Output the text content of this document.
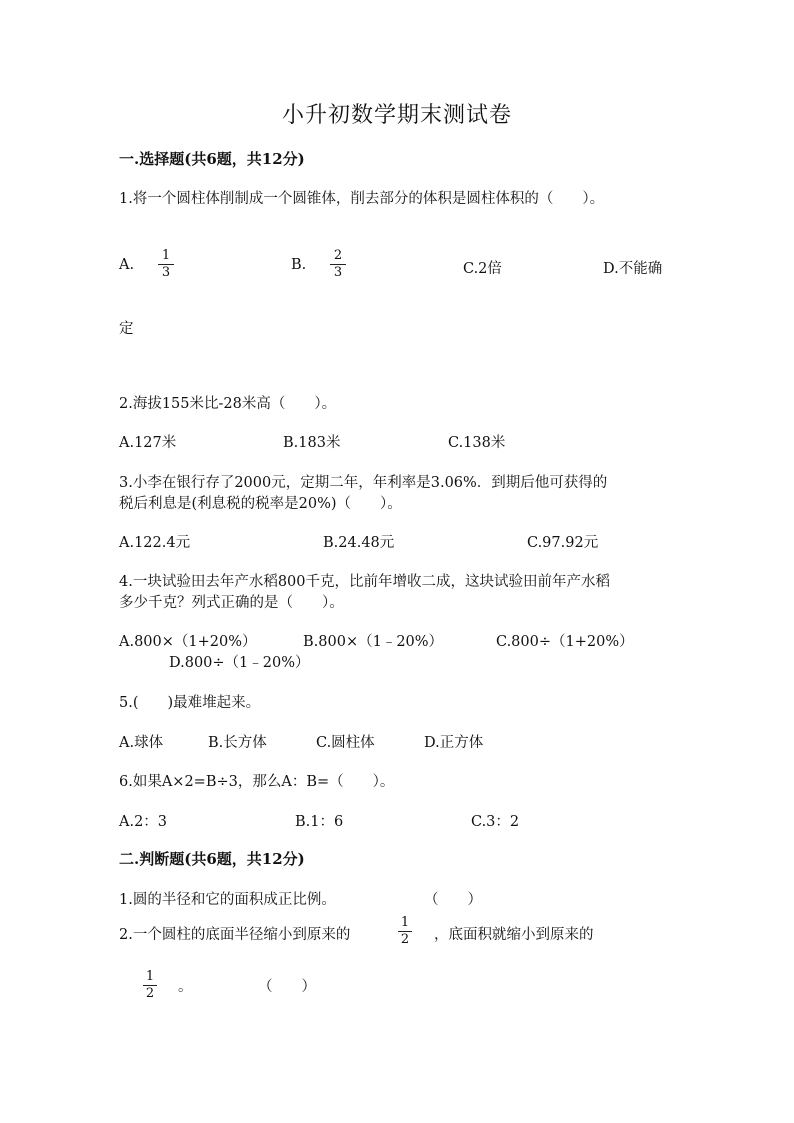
小升初数学期末测试卷
一.选择题(共6题，共12分)
1.将一个圆柱体削制成一个圆锥体，削去部分的体积是圆柱体积的（　　）。
A.
1
3	B.
2
3	C.2倍	D.不能确
定
2.海拔155米比-28米高（　　）。
A.127米	B.183米	C.138米
3.小李在银行存了2000元，定期二年，年利率是3.06%．到期后他可获得的
税后利息是(利息税的税率是20%)（　　）。
A.122.4元	B.24.48元	C.97.92元
4.一块试验田去年产水稻800千克，比前年增收二成，这块试验田前年产水稻
多少千克？列式正确的是（　　）。
A.800×（1+20%）	B.800×（1﹣20%）	C.800÷（1+20%）
D.800÷（1﹣20%）
5.(　　)最难堆起来。
A.球体	B.长方体	C.圆柱体	D.正方体
6.如果A×2=B÷3，那么A：B=（　　）。
A.2：3	B.1：6	C.3：2
二.判断题(共6题，共12分)
1.圆的半径和它的面积成正比例。	（　　）
2.一个圆柱的底面半径缩小到原来的
1
2 ，底面积就缩小到原来的
1
2 。	（　　）
